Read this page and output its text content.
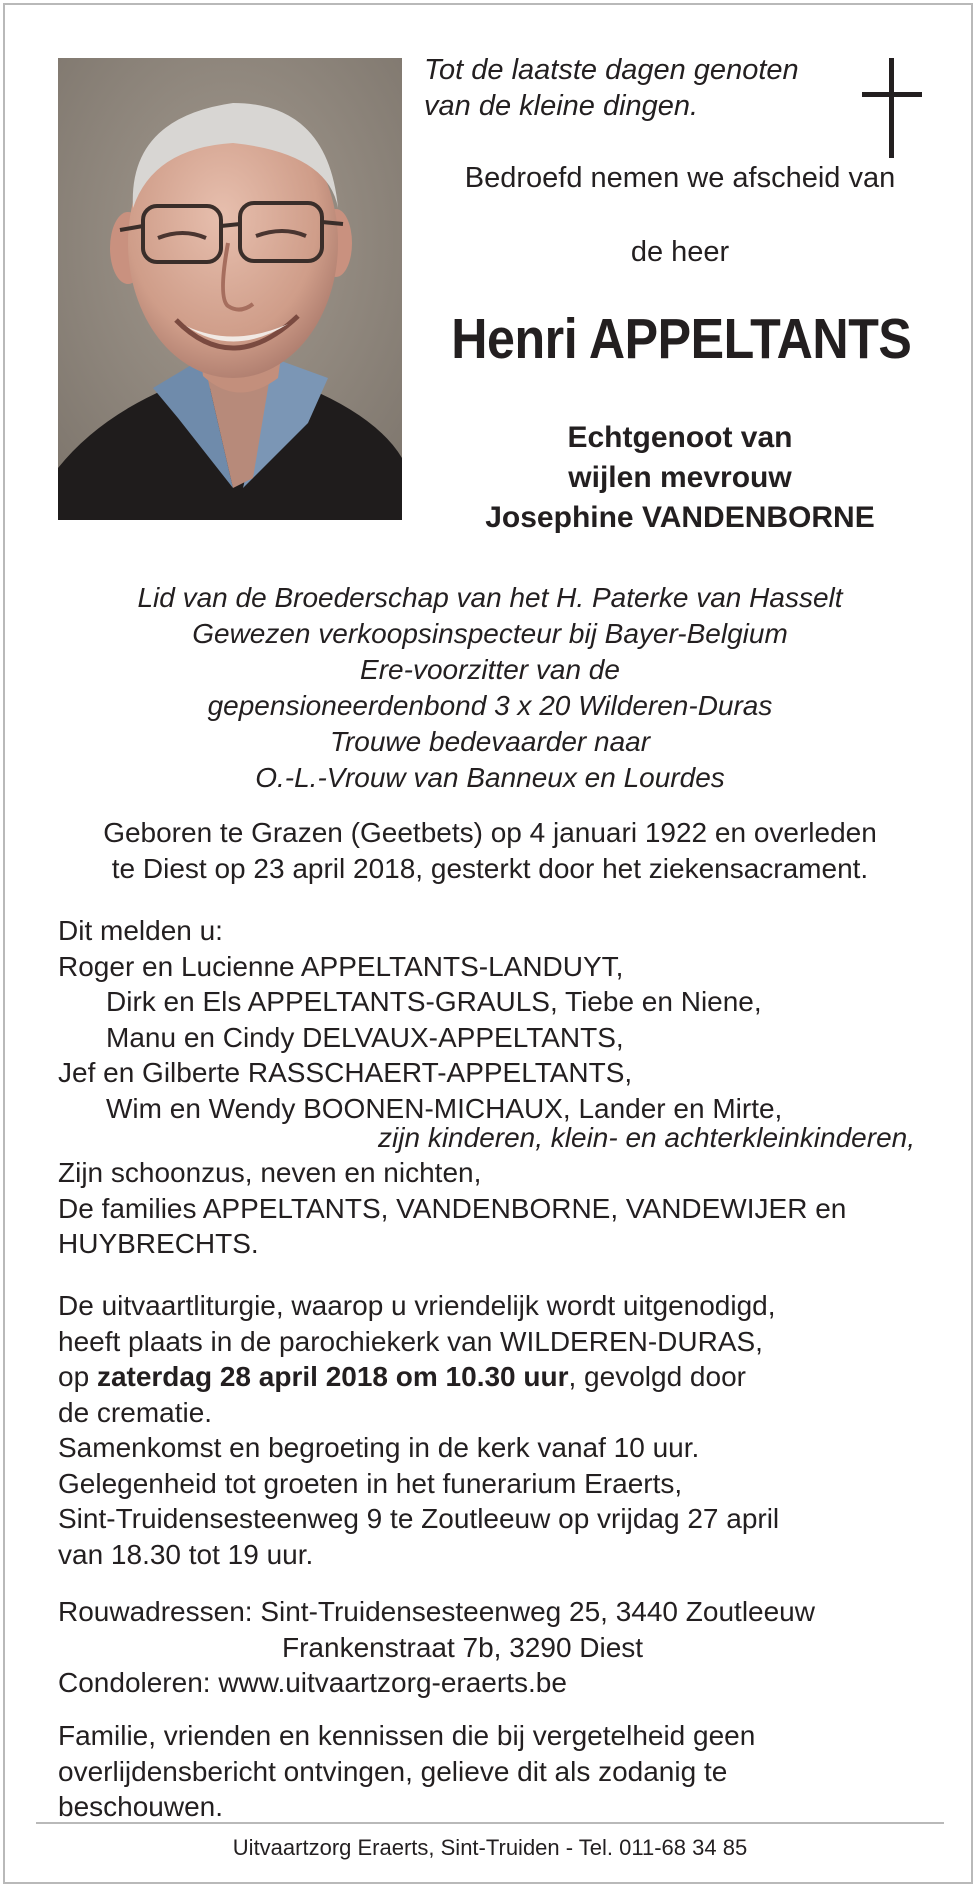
Tot de laatste dagen genoten
van de kleine dingen.
Bedroefd nemen we afscheid van
de heer
Henri APPELTANTS
Echtgenoot van
wijlen mevrouw
Josephine VANDENBORNE
Lid van de Broederschap van het H. Paterke van Hasselt
Gewezen verkoopsinspecteur bij Bayer-Belgium
Ere-voorzitter van de
gepensioneerdenbond 3 x 20 Wilderen-Duras
Trouwe bedevaarder naar
O.-L.-Vrouw van Banneux en Lourdes
Geboren te Grazen (Geetbets) op 4 januari 1922 en overleden
te Diest op 23 april 2018, gesterkt door het ziekensacrament.
Dit melden u:
Roger en Lucienne APPELTANTS-LANDUYT,
Dirk en Els APPELTANTS-GRAULS, Tiebe en Niene,
Manu en Cindy DELVAUX-APPELTANTS,
Jef en Gilberte RASSCHAERT-APPELTANTS,
Wim en Wendy BOONEN-MICHAUX, Lander en Mirte,
zijn kinderen, klein- en achterkleinkinderen,
Zijn schoonzus, neven en nichten,
De families APPELTANTS, VANDENBORNE, VANDEWIJER en
HUYBRECHTS.
De uitvaartliturgie, waarop u vriendelijk wordt uitgenodigd,
heeft plaats in de parochiekerk van WILDEREN-DURAS,
op zaterdag 28 april 2018 om 10.30 uur, gevolgd door
de crematie.
Samenkomst en begroeting in de kerk vanaf 10 uur.
Gelegenheid tot groeten in het funerarium Eraerts,
Sint-Truidensesteenweg 9 te Zoutleeuw op vrijdag 27 april
van 18.30 tot 19 uur.
Rouwadressen: Sint-Truidensesteenweg 25, 3440 Zoutleeuw
Frankenstraat 7b, 3290 Diest
Condoleren: www.uitvaartzorg-eraerts.be
Familie, vrienden en kennissen die bij vergetelheid geen
overlijdensbericht ontvingen, gelieve dit als zodanig te
beschouwen.
Uitvaartzorg Eraerts, Sint-Truiden - Tel. 011-68 34 85
